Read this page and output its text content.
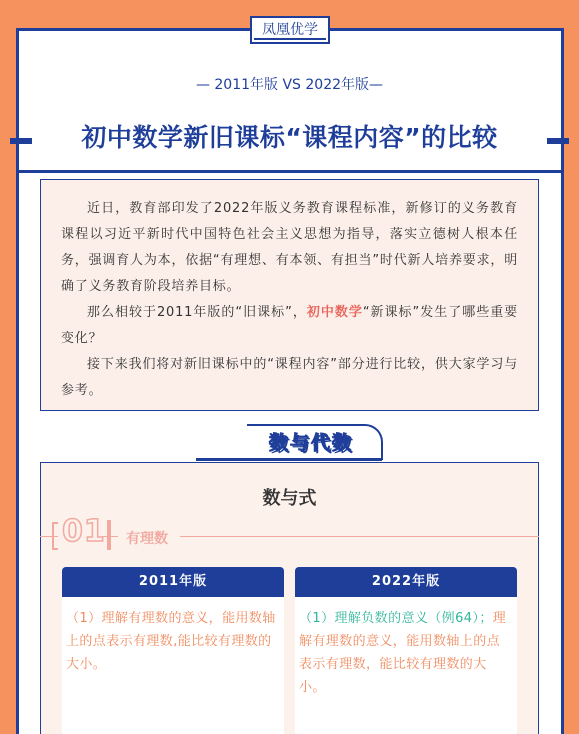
凤凰优学
— 2011年版 VS 2022年版—
初中数学新旧课标“课程内容”的比较

近日，教育部印发了2022年版义务教育课程标准，新修订的义务教育课程以习近平新时代中国特色社会主义思想为指导，落实立德树人根本任务，强调育人为本，依据“有理想、有本领、有担当”时代新人培养要求，明确了义务教育阶段培养目标。

那么相较于2011年版的“旧课标”，初中数学“新课标”发生了哪些重要变化？

接下来我们将对新旧课标中的“课程内容”部分进行比较，供大家学习与参考。

数与代数
数与式
01 有理数
2011年版	2022年版
（1）理解有理数的意义，能用数轴上的点表示有理数,能比较有理数的大小。
（1）理解负数的意义（例64）；理解有理数的意义，能用数轴上的点表示有理数，能比较有理数的大小。
